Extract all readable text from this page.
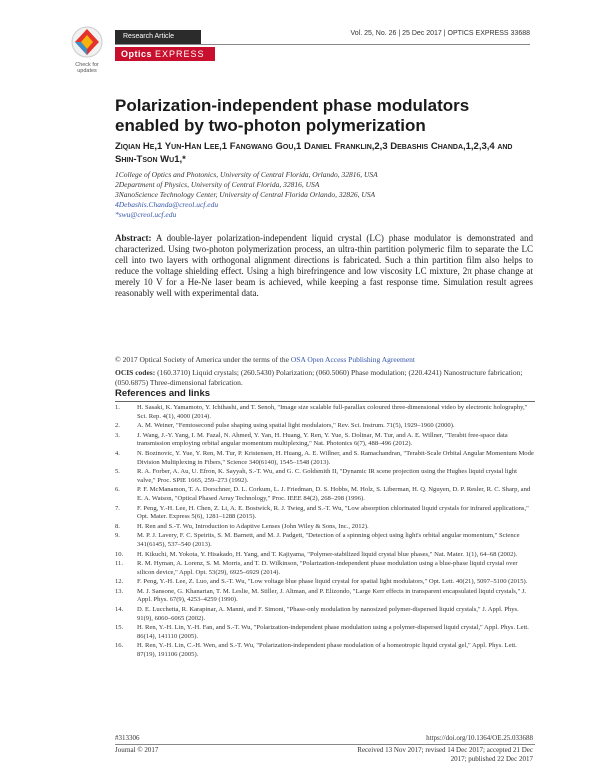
Check for updates
Research Article	Vol. 25, No. 26 | 25 Dec 2017 | OPTICS EXPRESS 33688
Optics EXPRESS
Polarization-independent phase modulators enabled by two-photon polymerization
Ziqian He,1 Yun-Han Lee,1 Fangwang Gou,1 Daniel Franklin,2,3 Debashis Chanda,1,2,3,4 and Shin-Tson Wu1,*
1College of Optics and Photonics, University of Central Florida, Orlando, 32816, USA
2Department of Physics, University of Central Florida, 32816, USA
3NanoScience Technology Center, University of Central Florida Orlando, 32826, USA
4Debashis.Chanda@creol.ucf.edu
*swu@creol.ucf.edu
Abstract: A double-layer polarization-independent liquid crystal (LC) phase modulator is demonstrated and characterized. Using two-photon polymerization process, an ultra-thin partition polymeric film to separate the LC cell into two layers with orthogonal alignment directions is fabricated. Such a thin partition film also helps to reduce the voltage shielding effect. Using a high birefringence and low viscosity LC mixture, 2π phase change at merely 10 V for a He-Ne laser beam is achieved, while keeping a fast response time. Simulation result agrees reasonably well with experimental data.
© 2017 Optical Society of America under the terms of the OSA Open Access Publishing Agreement
OCIS codes: (160.3710) Liquid crystals; (260.5430) Polarization; (060.5060) Phase modulation; (220.4241) Nanostructure fabrication; (050.6875) Three-dimensional fabrication.
References and links
1.	H. Sasaki, K. Yamamoto, Y. Ichihashi, and T. Senoh, "Image size scalable full-parallax coloured three-dimensional video by electronic holography," Sci. Rep. 4(1), 4000 (2014).
2.	A. M. Weiner, "Femtosecond pulse shaping using spatial light modulators," Rev. Sci. Instrum. 71(5), 1929–1960 (2000).
3.	J. Wang, J.-Y. Yang, I. M. Fazal, N. Ahmed, Y. Yan, H. Huang, Y. Ren, Y. Yue, S. Dolinar, M. Tur, and A. E. Willner, "Terabit free-space data transmission employing orbital angular momentum multiplexing," Nat. Photonics 6(7), 488–496 (2012).
4.	N. Bozinovic, Y. Yue, Y. Ren, M. Tur, P. Kristensen, H. Huang, A. E. Willner, and S. Ramachandran, "Terabit-Scale Orbital Angular Momentum Mode Division Multiplexing in Fibers," Science 340(6140), 1545–1548 (2013).
5.	R. A. Forber, A. Au, U. Efron, K. Sayyah, S.-T. Wu, and G. C. Goldsmith II, "Dynamic IR scene projection using the Hughes liquid crystal light valve," Proc. SPIE 1665, 259–273 (1992).
6.	P. F. McManamon, T. A. Dorschner, D. L. Corkum, L. J. Friedman, D. S. Hobbs, M. Holz, S. Liberman, H. Q. Nguyen, D. P. Resler, R. C. Sharp, and E. A. Watson, "Optical Phased Array Technology," Proc. IEEE 84(2), 268–298 (1996).
7.	F. Peng, Y.-H. Lee, H. Chen, Z. Li, A. E. Bostwick, R. J. Twieg, and S.-T. Wu, "Low absorption chlorinated liquid crystals for infrared applications," Opt. Mater. Express 5(6), 1281–1288 (2015).
8.	H. Ren and S.-T. Wu, Introduction to Adaptive Lenses (John Wiley & Sons, Inc., 2012).
9.	M. P. J. Lavery, F. C. Speirits, S. M. Barnett, and M. J. Padgett, "Detection of a spinning object using light's orbital angular momentum," Science 341(6145), 537–540 (2013).
10.	H. Kikuchi, M. Yokota, Y. Hisakado, H. Yang, and T. Kajiyama, "Polymer-stabilized liquid crystal blue phases," Nat. Mater. 1(1), 64–68 (2002).
11.	R. M. Hyman, A. Lorenz, S. M. Morris, and T. D. Wilkinson, "Polarization-independent phase modulation using a blue-phase liquid crystal over silicon device," Appl. Opt. 53(29), 6925–6929 (2014).
12.	F. Peng, Y.-H. Lee, Z. Luo, and S.-T. Wu, "Low voltage blue phase liquid crystal for spatial light modulators," Opt. Lett. 40(21), 5097–5100 (2015).
13.	M. J. Sansone, G. Khanarian, T. M. Leslie, M. Stiller, J. Altman, and P. Elizondo, "Large Kerr effects in transparent encapsulated liquid crystals," J. Appl. Phys. 67(9), 4253–4259 (1990).
14.	D. E. Lucchetta, R. Karapinar, A. Manni, and F. Simoni, "Phase-only modulation by nanosized polymer-dispersed liquid crystals," J. Appl. Phys. 91(9), 6060–6065 (2002).
15.	H. Ren, Y.-H. Lin, Y.-H. Fan, and S.-T. Wu, "Polarization-independent phase modulation using a polymer-dispersed liquid crystal," Appl. Phys. Lett. 86(14), 141110 (2005).
16.	H. Ren, Y.-H. Lin, C.-H. Wen, and S.-T. Wu, "Polarization-independent phase modulation of a homeotropic liquid crystal gel," Appl. Phys. Lett. 87(19), 191106 (2005).
#313306
Journal © 2017
https://doi.org/10.1364/OE.25.033688
Received 13 Nov 2017; revised 14 Dec 2017; accepted 21 Dec 2017; published 22 Dec 2017
